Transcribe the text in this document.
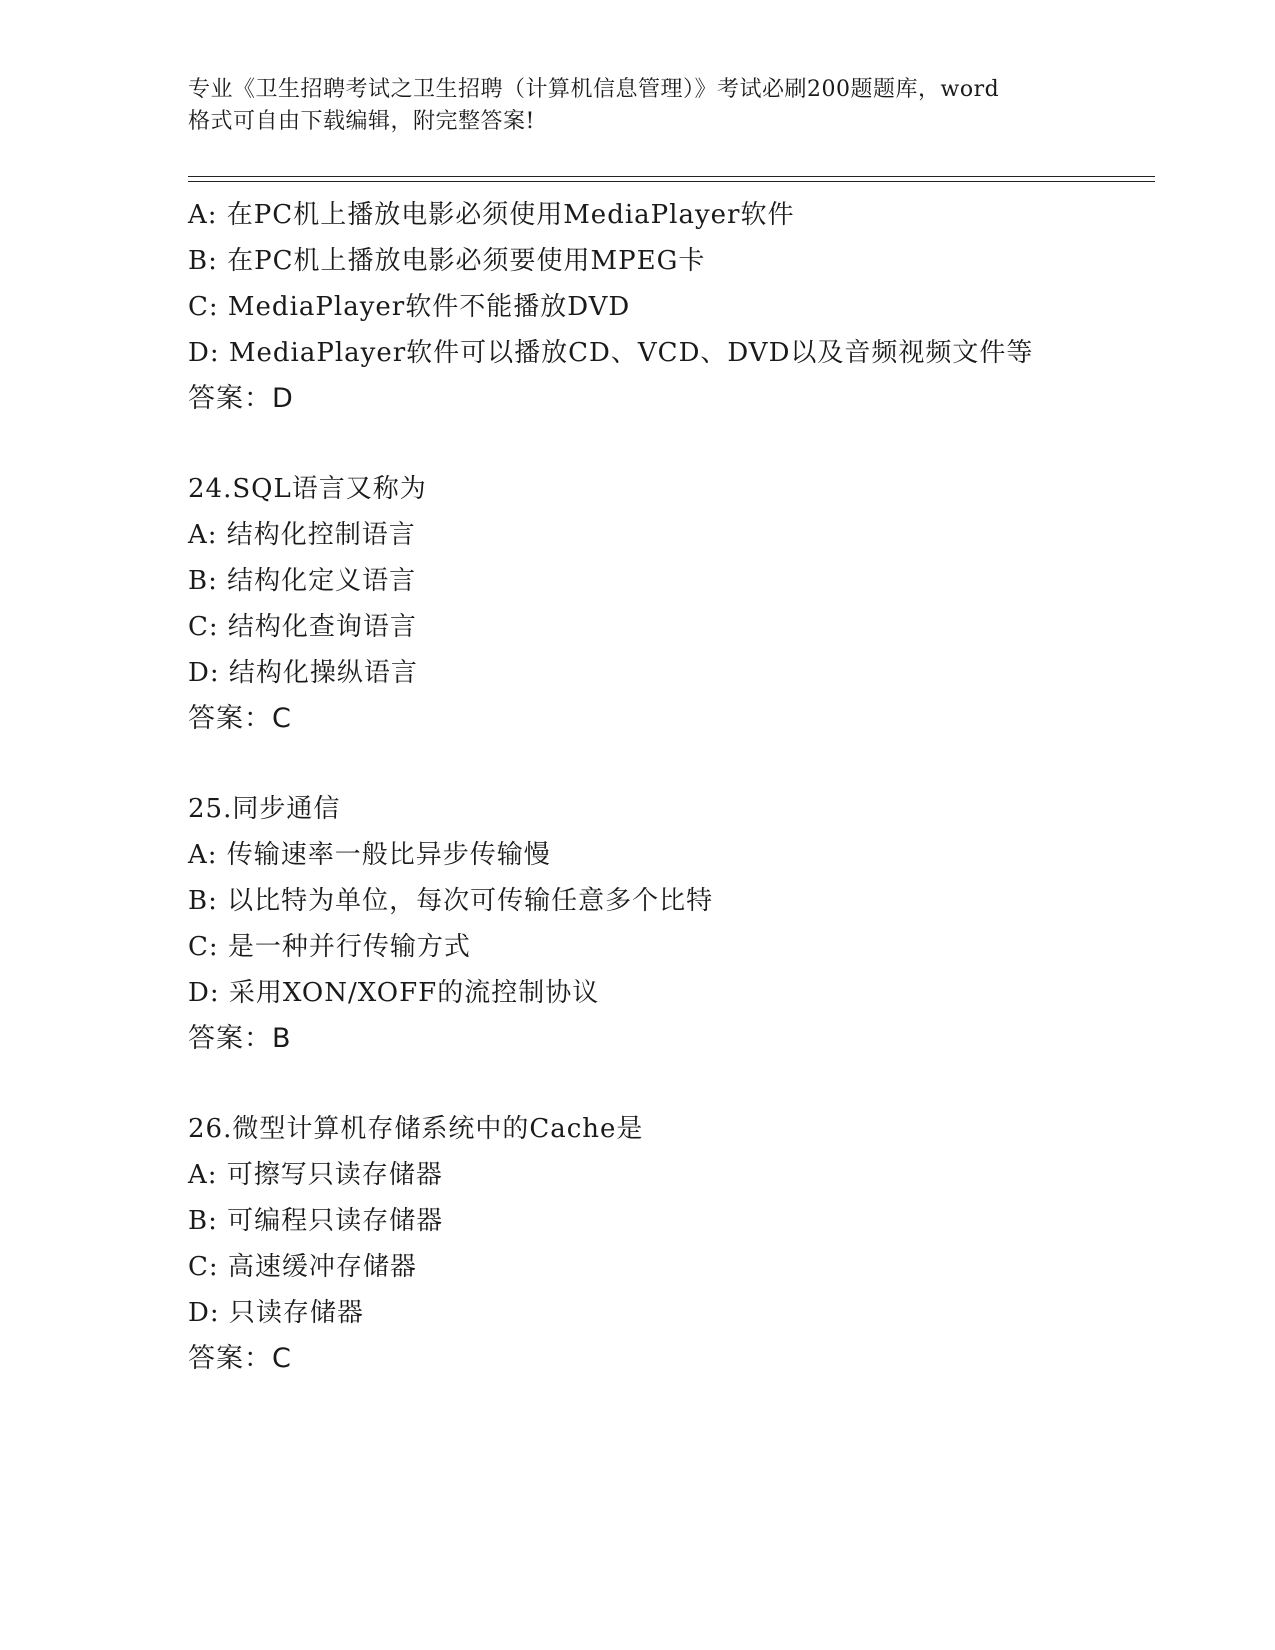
专业《卫生招聘考试之卫生招聘（计算机信息管理）》考试必刷200题题库，word
格式可自由下载编辑，附完整答案!
A: 在PC机上播放电影必须使用MediaPlayer软件
B: 在PC机上播放电影必须要使用MPEG卡
C: MediaPlayer软件不能播放DVD
D: MediaPlayer软件可以播放CD、VCD、DVD以及音频视频文件等
答案：D
24.SQL语言又称为
A: 结构化控制语言
B: 结构化定义语言
C: 结构化查询语言
D: 结构化操纵语言
答案：C
25.同步通信
A: 传输速率一般比异步传输慢
B: 以比特为单位，每次可传输任意多个比特
C: 是一种并行传输方式
D: 采用XON/XOFF的流控制协议
答案：B
26.微型计算机存储系统中的Cache是
A: 可擦写只读存储器
B: 可编程只读存储器
C: 高速缓冲存储器
D: 只读存储器
答案：C
